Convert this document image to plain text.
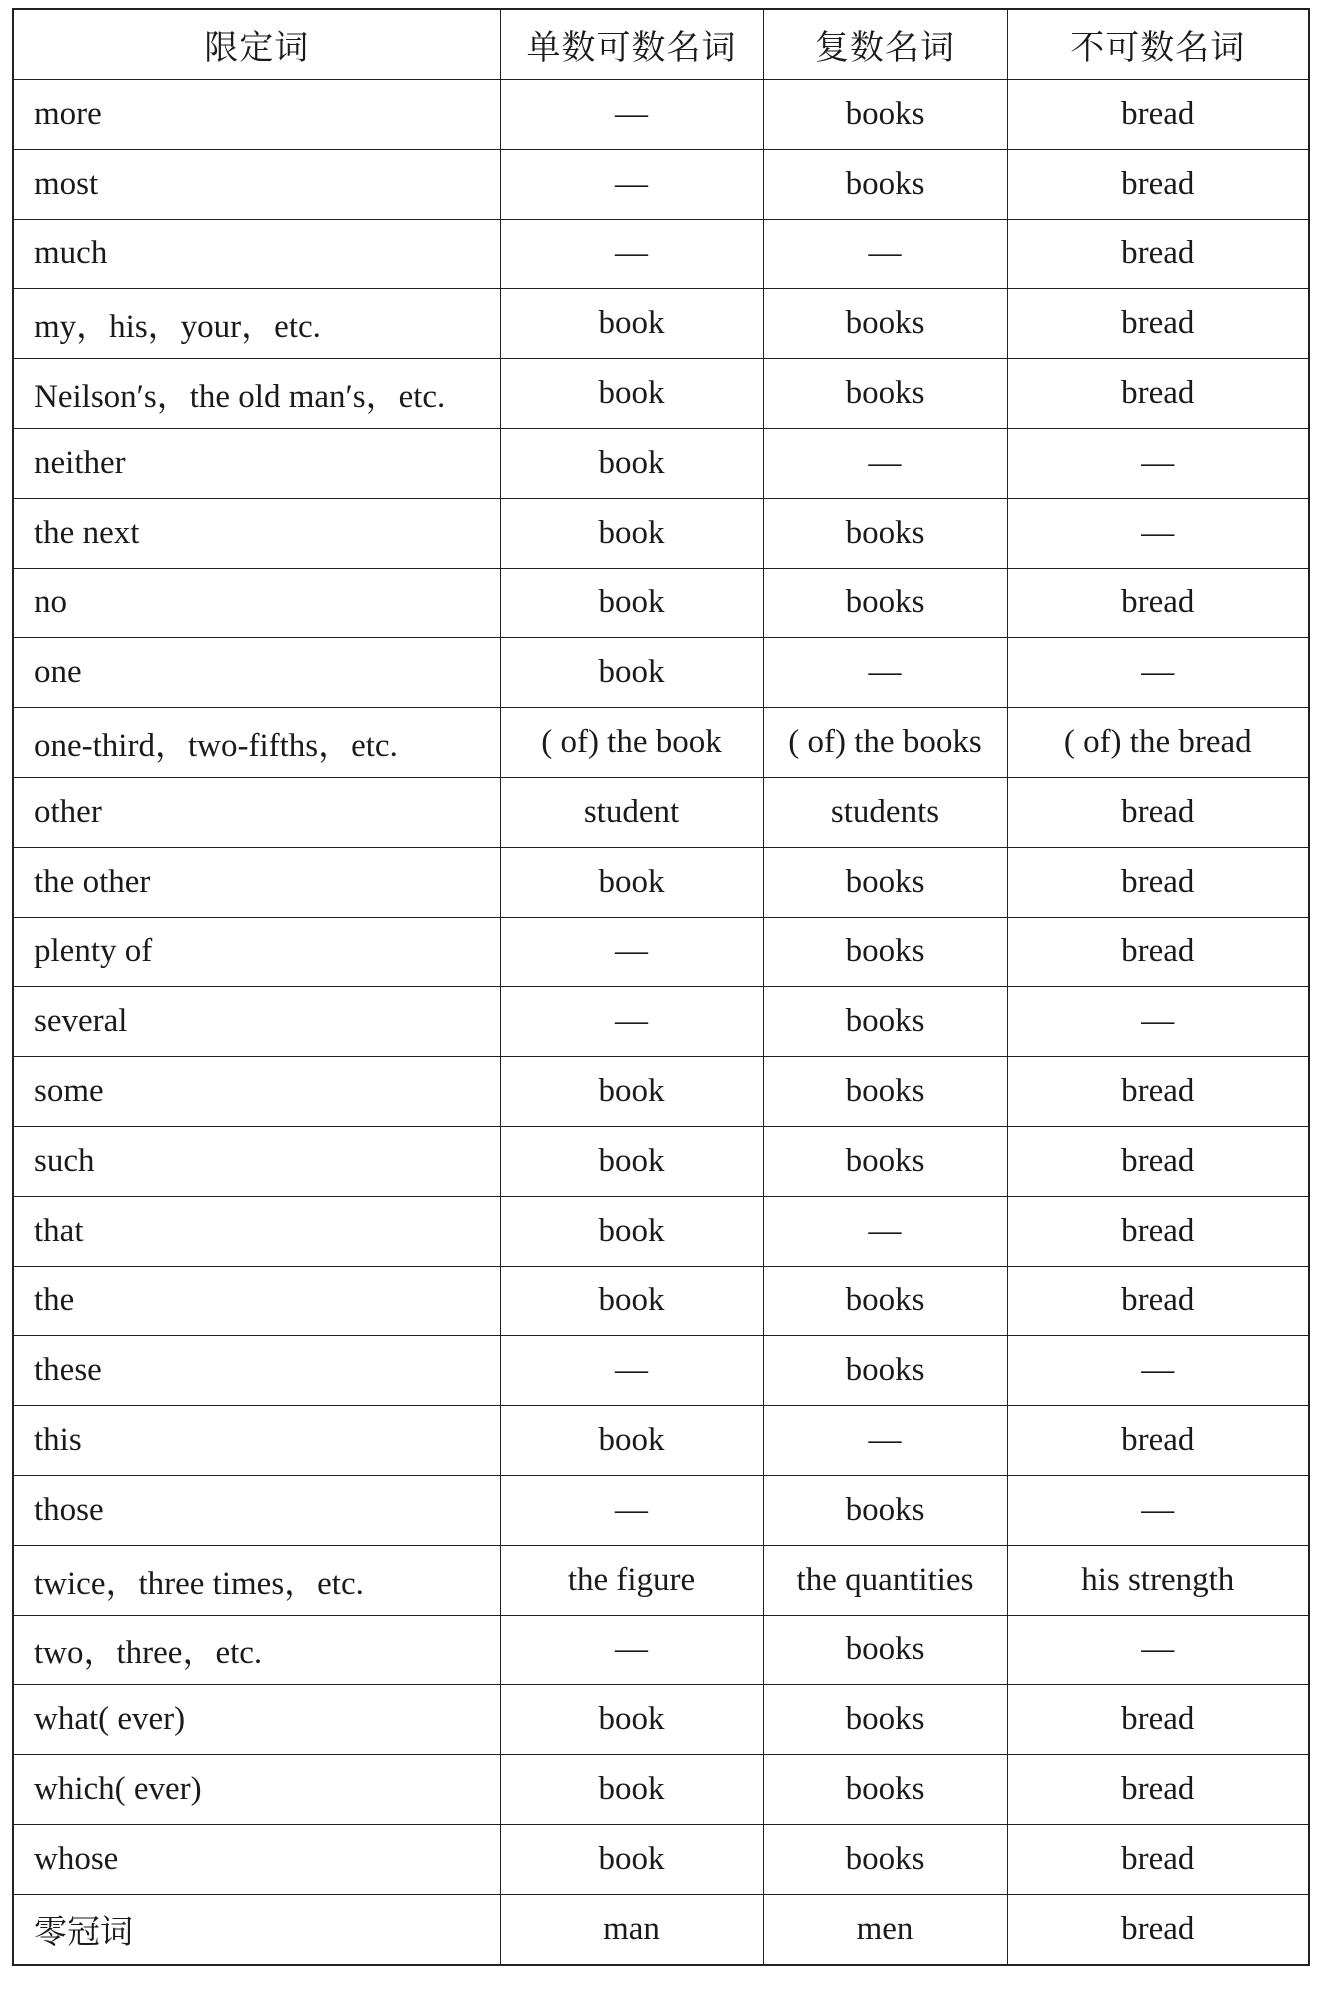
限定词	单数可数名词	复数名词	不可数名词
more	—	books	bread
most	—	books	bread
much	—	—	bread
my，his，your，etc.	book	books	bread
Neilson′s，the old man′s，etc.	book	books	bread
neither	book	—	—
the next	book	books	—
no	book	books	bread
one	book	—	—
one-third，two-fifths，etc.	( of) the book	( of) the books	( of) the bread
other	student	students	bread
the other	book	books	bread
plenty of	—	books	bread
several	—	books	—
some	book	books	bread
such	book	books	bread
that	book	—	bread
the	book	books	bread
these	—	books	—
this	book	—	bread
those	—	books	—
twice，three times，etc.	the figure	the quantities	his strength
two，three，etc.	—	books	—
what( ever)	book	books	bread
which( ever)	book	books	bread
whose	book	books	bread
零冠词	man	men	bread
